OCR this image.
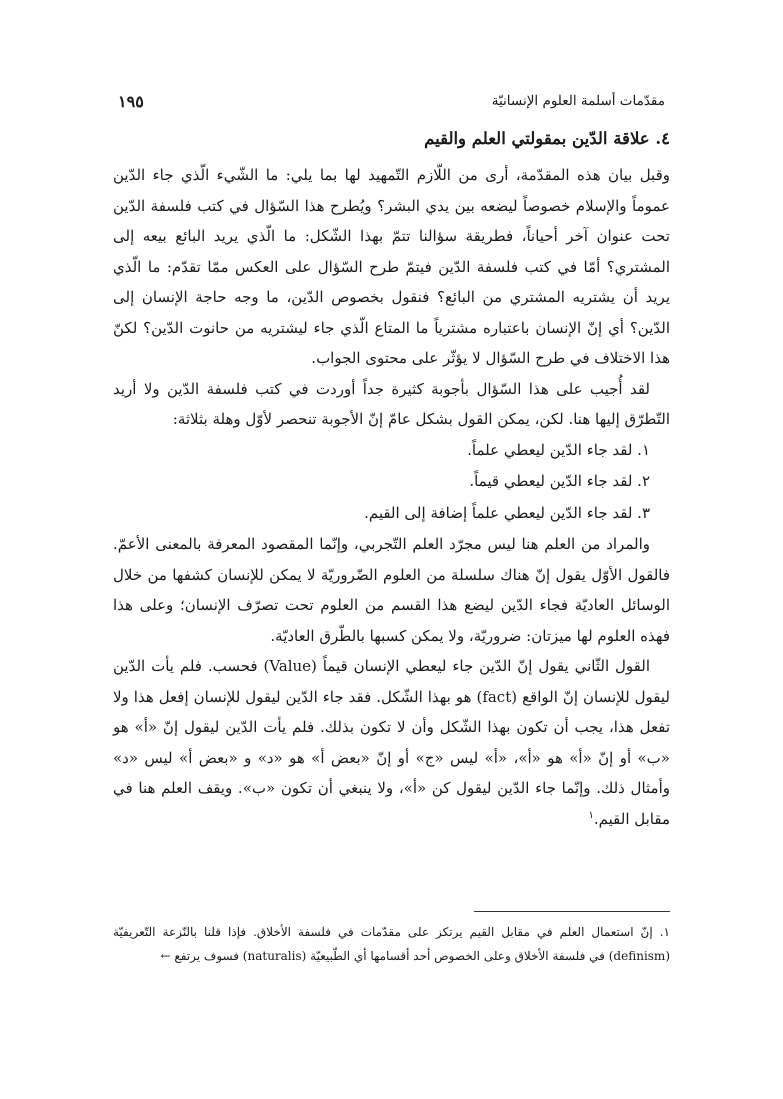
مقدّمات أسلمة العلوم الإنسانيّة
١٩٥
٤. علاقة الدّين بمقولتي العلم والقيم

وقبل بيان هذه المقدّمة، أرى من اللّازم التّمهيد لها بما يلي: ما الشّيء الّذي جاء الدّين عموماً والإسلام خصوصاً ليضعه بين يدي البشر؟ ويُطرح هذا السّؤال في كتب فلسفة الدّين تحت عنوان آخر أحياناً، فطريقة سؤالنا تتمّ بهذا الشّكل: ما الّذي يريد البائع بيعه إلى المشتري؟ أمّا في كتب فلسفة الدّين فيتمّ طرح السّؤال على العكس ممّا تقدّم: ما الّذي يريد أن يشتريه المشتري من البائع؟ فنقول بخصوص الدّين، ما وجه حاجة الإنسان إلى الدّين؟ أي إنّ الإنسان باعتباره مشترياً ما المتاع الّذي جاء ليشتريه من حانوت الدّين؟ لكنّ هذا الاختلاف في طرح السّؤال لا يؤثّر على محتوى الجواب.

لقد أُجيب على هذا السّؤال بأجوبة كثيرة جداً أوردت في كتب فلسفة الدّين ولا أريد التّطرّق إليها هنا. لكن، يمكن القول بشكل عامّ إنّ الأجوبة تنحصر لأوّل وهلة بثلاثة:

١. لقد جاء الدّين ليعطي علماً.
٢. لقد جاء الدّين ليعطي قيماً.
٣. لقد جاء الدّين ليعطي علماً إضافة إلى القيم.

والمراد من العلم هنا ليس مجرّد العلم التّجربي، وإنّما المقصود المعرفة بالمعنى الأعمّ. فالقول الأوّل يقول إنّ هناك سلسلة من العلوم الضّروريّة لا يمكن للإنسان كشفها من خلال الوسائل العاديّة فجاء الدّين ليضع هذا القسم من العلوم تحت تصرّف الإنسان؛ وعلى هذا فهذه العلوم لها ميزتان: ضروريّة، ولا يمكن كسبها بالطّرق العاديّة.

القول الثّاني يقول إنّ الدّين جاء ليعطي الإنسان قيماً (Value) فحسب. فلم يأت الدّين ليقول للإنسان إنّ الواقع (fact) هو بهذا الشّكل. فقد جاء الدّين ليقول للإنسان إفعل هذا ولا تفعل هذا، يجب أن تكون بهذا الشّكل وأن لا تكون بذلك. فلم يأت الدّين ليقول إنّ «أ» هو «ب» أو إنّ «أ» هو «أ»، «أ» ليس «ج» أو إنّ «بعض أ» هو «د» و «بعض أ» ليس «د» وأمثال ذلك. وإنّما جاء الدّين ليقول كن «أ»، ولا ينبغي أن تكون «ب». ويقف العلم هنا في مقابل القيم.$^١$

١. إنّ استعمال العلم في مقابل القيم يرتكز على مقدّمات في فلسفة الأخلاق. فإذا قلنا بالنّزعة التّعريفيّة (definism) في فلسفة الأخلاق وعلى الخصوص أحد أقسامها أي الطّبيعيّة (naturalis) فسوف يرتفع ←
